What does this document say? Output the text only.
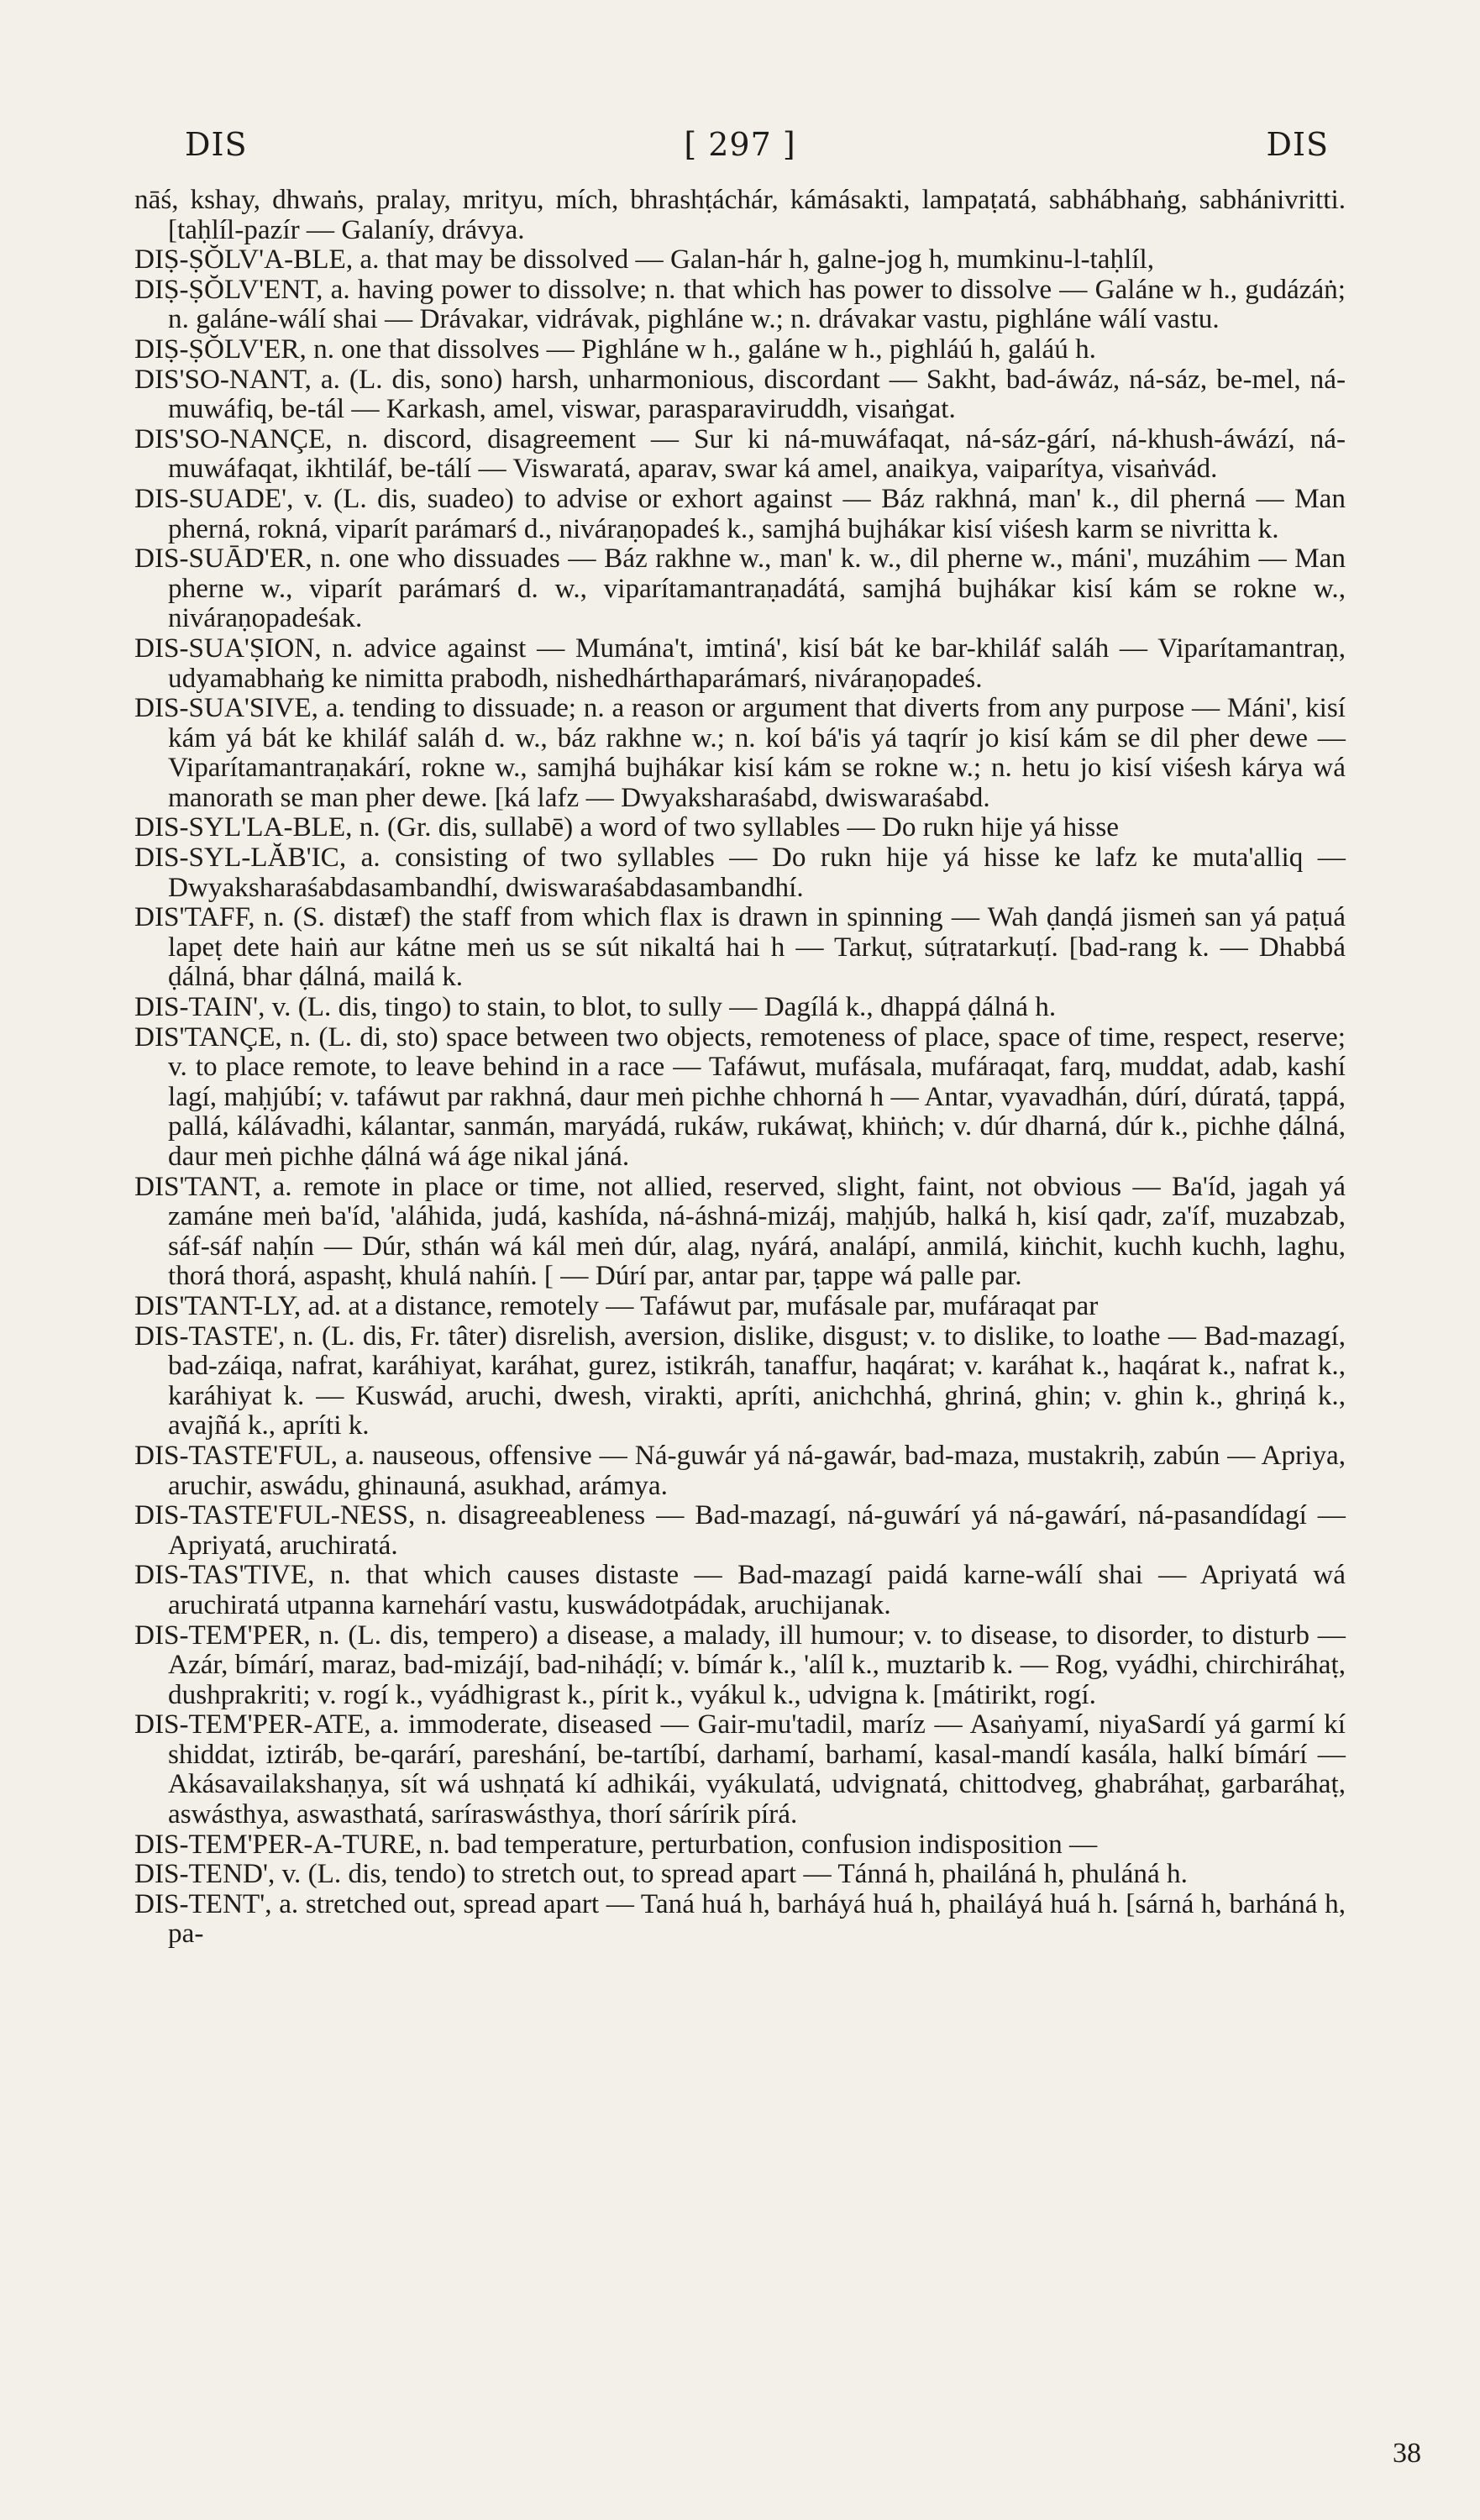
DIS	[ 297 ]	DIS

nāś, kshay, dhwaṅs, pralay, mrityu, mích, bhrashṭáchár, kámásakti, lampaṭatá, sabhábhaṅg, sabhánivritti. [taḥlíl-pazír — Galaníy, drávya.

DIṢ-ṢŎLV'A-BLE, a. that may be dissolved — Galan-hár h, galne-jog h, mumkinu-l-taḥlíl,

DIṢ-ṢŎLV'ENT, a. having power to dissolve; n. that which has power to dissolve — Galáne w h., gudázáṅ; n. galáne-wálí shai — Drávakar, vidrávak, pighláne w.; n. drávakar vastu, pighláne wálí vastu.

DIṢ-ṢŎLV'ER, n. one that dissolves — Pighláne w h., galáne w h., pighláú h, galáú h.

DIS'SO-NANT, a. (L. dis, sono) harsh, unharmonious, discordant — Sakht, bad-áwáz, ná-sáz, be-mel, ná-muwáfiq, be-tál — Karkash, amel, viswar, parasparaviruddh, visaṅgat.

DIS'SO-NANÇE, n. discord, disagreement — Sur ki ná-muwáfaqat, ná-sáz-gárí, ná-khush-áwází, ná-muwáfaqat, ikhtiláf, be-tálí — Viswaratá, aparav, swar ká amel, anaikya, vaiparítya, visaṅvád.

DIS-SUADE', v. (L. dis, suadeo) to advise or exhort against — Báz rakhná, man' k., dil pherná — Man pherná, rokná, viparít parámarś d., niváraṇopadeś k., samjhá bujhákar kisí viśesh karm se nivritta k.

DIS-SUĀD'ER, n. one who dissuades — Báz rakhne w., man' k. w., dil pherne w., máni', muzáhim — Man pherne w., viparít parámarś d. w., viparítamantraṇadátá, samjhá bujhákar kisí kám se rokne w., niváraṇopadeśak.

DIS-SUA'ṢION, n. advice against — Mumána't, imtiná', kisí bát ke bar-khiláf saláh — Viparítamantraṇ, udyamabhaṅg ke nimitta prabodh, nishedhárthaparámarś, niváraṇopadeś.

DIS-SUA'SIVE, a. tending to dissuade; n. a reason or argument that diverts from any purpose — Máni', kisí kám yá bát ke khiláf saláh d. w., báz rakhne w.; n. koí bá'is yá taqrír jo kisí kám se dil pher dewe — Viparítamantraṇakárí, rokne w., samjhá bujhákar kisí kám se rokne w.; n. hetu jo kisí viśesh kárya wá manorath se man pher dewe. [ká lafz — Dwyaksharaśabd, dwiswaraśabd.

DIS-SYL'LA-BLE, n. (Gr. dis, sullabē) a word of two syllables — Do rukn hije yá hisse

DIS-SYL-LĂB'IC, a. consisting of two syllables — Do rukn hije yá hisse ke lafz ke muta'alliq — Dwyaksharaśabdasambandhí, dwiswaraśabdasambandhí.

DIS'TAFF, n. (S. distæf) the staff from which flax is drawn in spinning — Wah ḍanḍá jismeṅ san yá paṭuá lapeṭ dete haiṅ aur kátne meṅ us se sút nikaltá hai h — Tarkuṭ, súṭratarkuṭí. [bad-rang k. — Dhabbá ḍálná, bhar ḍálná, mailá k.

DIS-TAIN', v. (L. dis, tingo) to stain, to blot, to sully — Dagílá k., dhappá ḍálná h.

DIS'TANÇE, n. (L. di, sto) space between two objects, remoteness of place, space of time, respect, reserve; v. to place remote, to leave behind in a race — Tafáwut, mufásala, mufáraqat, farq, muddat, adab, kashí lagí, maḥjúbí; v. tafáwut par rakhná, daur meṅ pichhe chhorná h — Antar, vyavadhán, dúrí, dúratá, ṭappá, pallá, kálávadhi, kálantar, sanmán, maryádá, rukáw, rukáwaṭ, khiṅch; v. dúr dharná, dúr k., pichhe ḍálná, daur meṅ pichhe ḍálná wá áge nikal jáná.

DIS'TANT, a. remote in place or time, not allied, reserved, slight, faint, not obvious — Ba'íd, jagah yá zamáne meṅ ba'íd, 'aláhida, judá, kashída, ná-áshná-mizáj, maḥjúb, halká h, kisí qadr, za'íf, muzabzab, sáf-sáf naḥín — Dúr, sthán wá kál meṅ dúr, alag, nyárá, analápí, anmilá, kiṅchit, kuchh kuchh, laghu, thorá thorá, aspashṭ, khulá nahíṅ. [ — Dúrí par, antar par, ṭappe wá palle par.

DIS'TANT-LY, ad. at a distance, remotely — Tafáwut par, mufásale par, mufáraqat par

DIS-TASTE', n. (L. dis, Fr. tâter) disrelish, aversion, dislike, disgust; v. to dislike, to loathe — Bad-mazagí, bad-záiqa, nafrat, karáhiyat, karáhat, gurez, istikráh, tanaffur, haqárat; v. karáhat k., haqárat k., nafrat k., karáhiyat k. — Kuswád, aruchi, dwesh, virakti, apríti, anichchhá, ghriná, ghin; v. ghin k., ghriṇá k., avajñá k., apríti k.

DIS-TASTE'FUL, a. nauseous, offensive — Ná-guwár yá ná-gawár, bad-maza, mustakriḥ, zabún — Apriya, aruchir, aswádu, ghinauná, asukhad, arámya.

DIS-TASTE'FUL-NESS, n. disagreeableness — Bad-mazagí, ná-guwárí yá ná-gawárí, ná-pasandídagí — Apriyatá, aruchiratá.

DIS-TAS'TIVE, n. that which causes distaste — Bad-mazagí paidá karne-wálí shai — Apriyatá wá aruchiratá utpanna karnehárí vastu, kuswádotpádak, aruchijanak.

DIS-TEM'PER, n. (L. dis, tempero) a disease, a malady, ill humour; v. to disease, to disorder, to disturb — Azár, bímárí, maraz, bad-mizájí, bad-niháḍí; v. bímár k., 'alíl k., muztarib k. — Rog, vyádhi, chirchiráhaṭ, dushprakriti; v. rogí k., vyádhigrast k., pírit k., vyákul k., udvigna k. [mátirikt, rogí.

DIS-TEM'PER-ATE, a. immoderate, diseased — Gair-mu'tadil, maríz — Asaṅyamí, niyaSardí yá garmí kí shiddat, iztiráb, be-qarárí, pareshání, be-tartíbí, darhamí, barhamí, kasal-mandí kasála, halkí bímárí — Akásavailakshaṇya, sít wá ushṇatá kí adhikái, vyákulatá, udvignatá, chittodveg, ghabráhaṭ, garbaráhaṭ, aswásthya, aswasthatá, saríraswásthya, thorí sárírik pírá.

DIS-TEM'PER-A-TURE, n. bad temperature, perturbation, confusion indisposition —

DIS-TEND', v. (L. dis, tendo) to stretch out, to spread apart — Tánná h, phailáná h, phuláná h.

DIS-TENT', a. stretched out, spread apart — Taná huá h, barháyá huá h, phailáyá huá h. [sárná h, barháná h, pa-

38
